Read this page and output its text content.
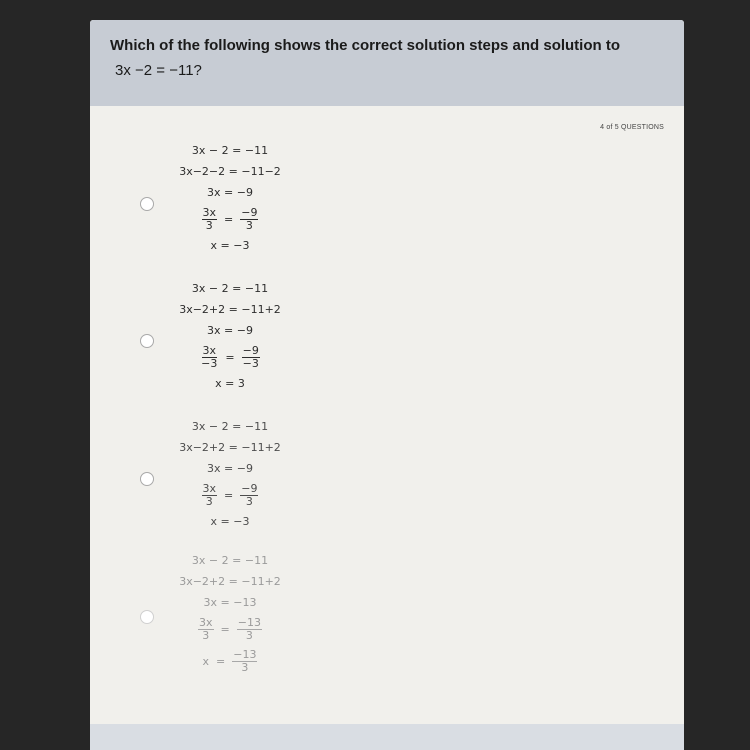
Which of the following shows the correct solution steps and solution to
3x −2 = −11?
4 of 5 QUESTIONS
3x − 2 = −11
3x−2−2 = −11−2
3x = −9
$\frac{3x}{3} = \frac{-9}{3}$
x = −3
3x − 2 = −11
3x−2+2 = −11+2
3x = −9
$\frac{3x}{-3} = \frac{-9}{-3}$
x = 3
3x − 2 = −11
3x−2+2 = −11+2
3x = −9
$\frac{3x}{3} = \frac{-9}{3}$
x = −3
3x − 2 = −11
3x−2+2 = −11+2
3x = −13
$\frac{3x}{3} = \frac{-13}{3}$
$x = \frac{-13}{3}$
